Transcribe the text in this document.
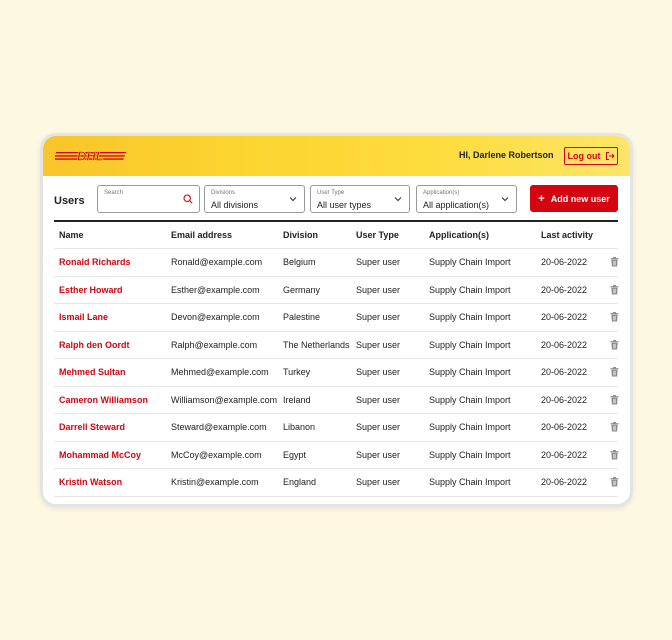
DHL	HI, Darlene Robertson Log out
Users
Search	Divisions
All divisions
User Type
All user types
Application(s)
All application(s)
+ Add new user
Name	Email address	Division	User Type	Application(s)	Last activity
Ronald Richards	Ronald@example.com Belgium	Super user	Supply Chain Import	20-06-2022
Esther Howard	Esther@example.com	Germany	Super user	Supply Chain Import	20-06-2022
Ismail Lane	Devon@example.com	Palestine	Super user	Supply Chain Import	20-06-2022
Ralph den Oordt	Ralph@example.com	The Netherlands Super user	Supply Chain Import	20-06-2022
Mehmed Sultan	Mehmed@example.com Turkey	Super user	Supply Chain Import	20-06-2022
Cameron Williamson	Williamson@example.com Ireland	Super user	Supply Chain Import	20-06-2022
Darrell Steward	Steward@example.com Libanon	Super user	Supply Chain Import	20-06-2022
Mohammad McCoy	McCoy@example.com Egypt	Super user	Supply Chain Import	20-06-2022
Kristin Watson	Kristin@example.com	England	Super user	Supply Chain Import	20-06-2022
